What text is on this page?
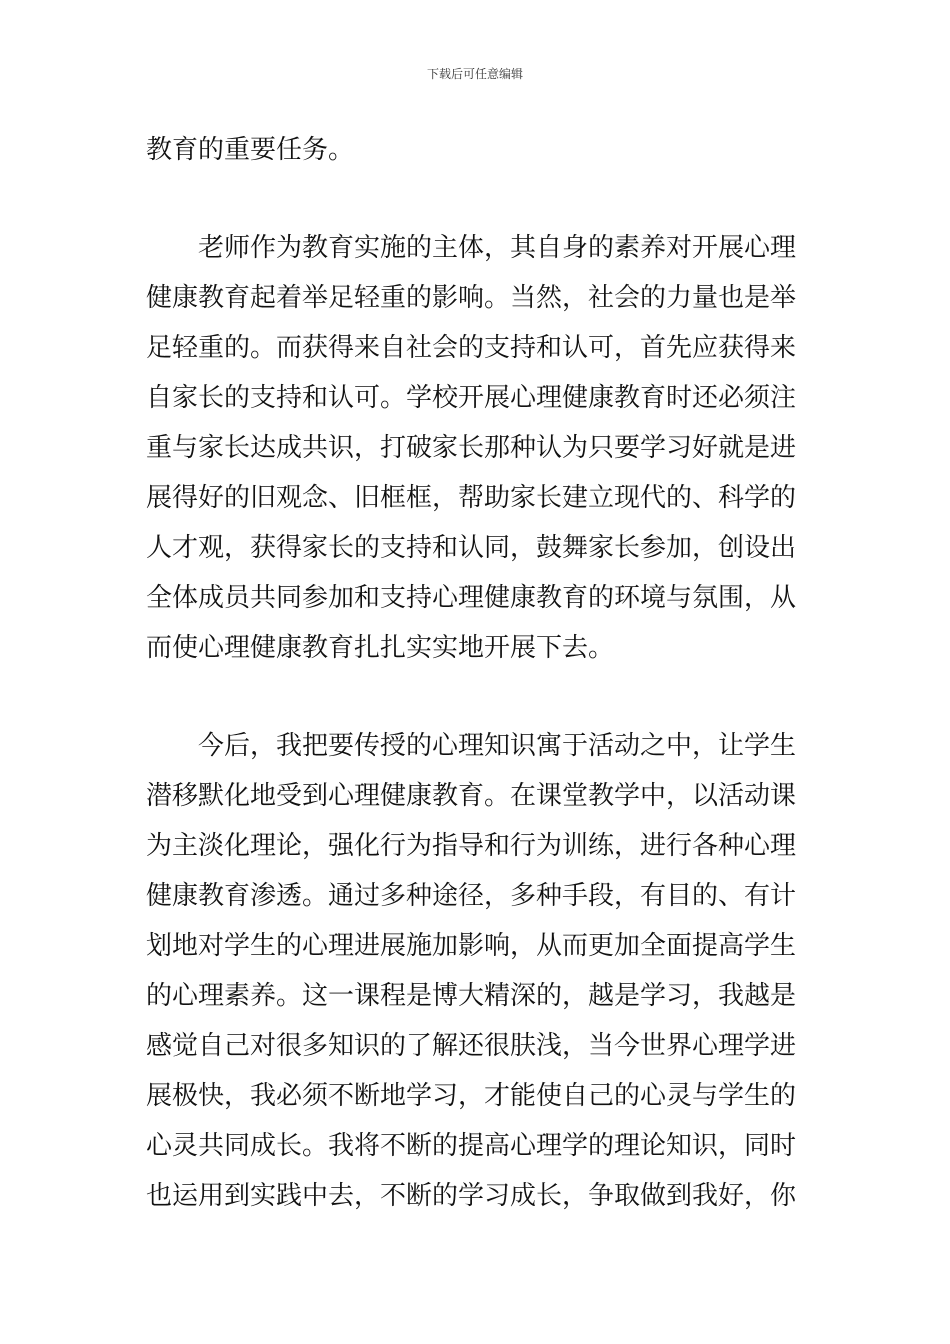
下载后可任意编辑
教育的重要任务。
老师作为教育实施的主体，其自身的素养对开展心理
健康教育起着举足轻重的影响。当然，社会的力量也是举
足轻重的。而获得来自社会的支持和认可，首先应获得来
自家长的支持和认可。学校开展心理健康教育时还必须注
重与家长达成共识，打破家长那种认为只要学习好就是进
展得好的旧观念、旧框框，帮助家长建立现代的、科学的
人才观，获得家长的支持和认同，鼓舞家长参加，创设出
全体成员共同参加和支持心理健康教育的环境与氛围，从
而使心理健康教育扎扎实实地开展下去。
今后，我把要传授的心理知识寓于活动之中，让学生
潜移默化地受到心理健康教育。在课堂教学中，以活动课
为主淡化理论，强化行为指导和行为训练，进行各种心理
健康教育渗透。通过多种途径，多种手段，有目的、有计
划地对学生的心理进展施加影响，从而更加全面提高学生
的心理素养。这一课程是博大精深的，越是学习，我越是
感觉自己对很多知识的了解还很肤浅，当今世界心理学进
展极快，我必须不断地学习，才能使自己的心灵与学生的
心灵共同成长。我将不断的提高心理学的理论知识，同时
也运用到实践中去，不断的学习成长，争取做到我好，你
